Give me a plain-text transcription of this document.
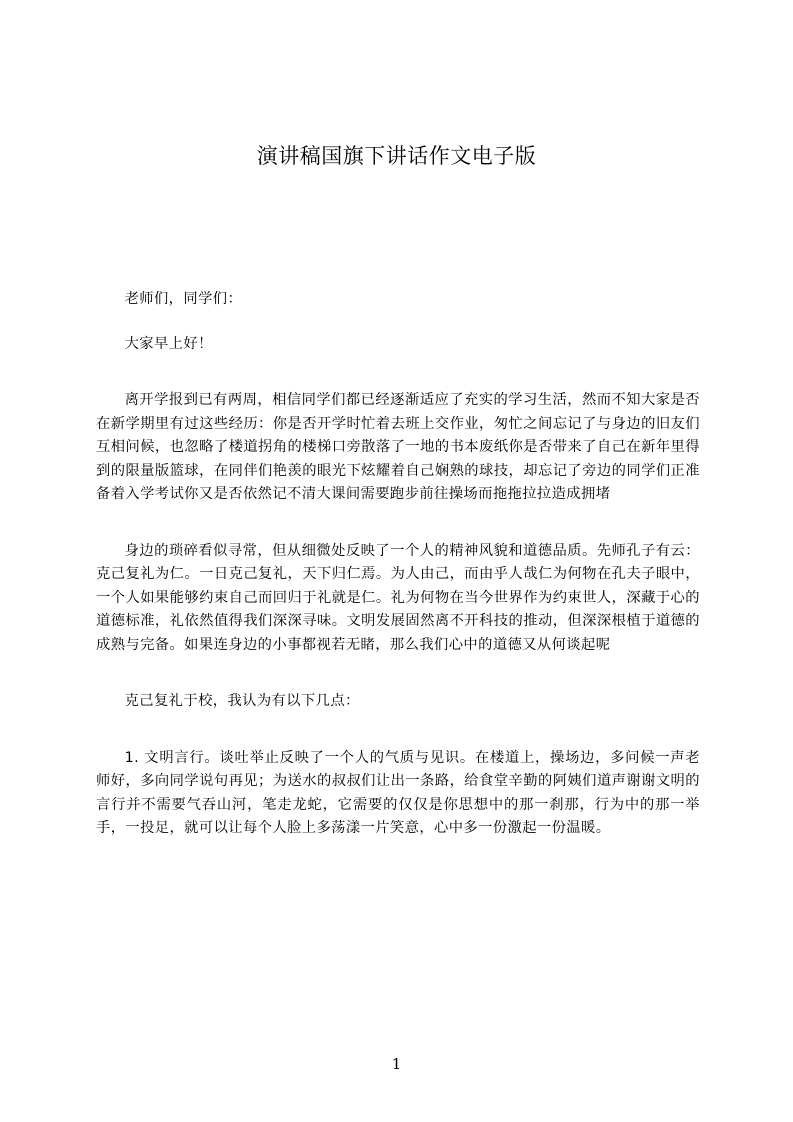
演讲稿国旗下讲话作文电子版

老师们，同学们：

大家早上好！

离开学报到已有两周，相信同学们都已经逐渐适应了充实的学习生活，然而不知大家是否在新学期里有过这些经历：你是否开学时忙着去班上交作业，匆忙之间忘记了与身边的旧友们互相问候，也忽略了楼道拐角的楼梯口旁散落了一地的书本废纸你是否带来了自己在新年里得到的限量版篮球，在同伴们艳羡的眼光下炫耀着自己娴熟的球技，却忘记了旁边的同学们正准备着入学考试你又是否依然记不清大课间需要跑步前往操场而拖拖拉拉造成拥堵

身边的琐碎看似寻常，但从细微处反映了一个人的精神风貌和道德品质。先师孔子有云：克己复礼为仁。一日克己复礼，天下归仁焉。为人由己，而由乎人哉仁为何物在孔夫子眼中，一个人如果能够约束自己而回归于礼就是仁。礼为何物在当今世界作为约束世人，深藏于心的道德标准，礼依然值得我们深深寻味。文明发展固然离不开科技的推动，但深深根植于道德的成熟与完备。如果连身边的小事都视若无睹，那么我们心中的道德又从何谈起呢

克己复礼于校，我认为有以下几点：

1. 文明言行。谈吐举止反映了一个人的气质与见识。在楼道上，操场边，多问候一声老师好，多向同学说句再见；为送水的叔叔们让出一条路，给食堂辛勤的阿姨们道声谢谢文明的言行并不需要气吞山河，笔走龙蛇，它需要的仅仅是你思想中的那一刹那，行为中的那一举手，一投足，就可以让每个人脸上多荡漾一片笑意，心中多一份激起一份温暖。

1
